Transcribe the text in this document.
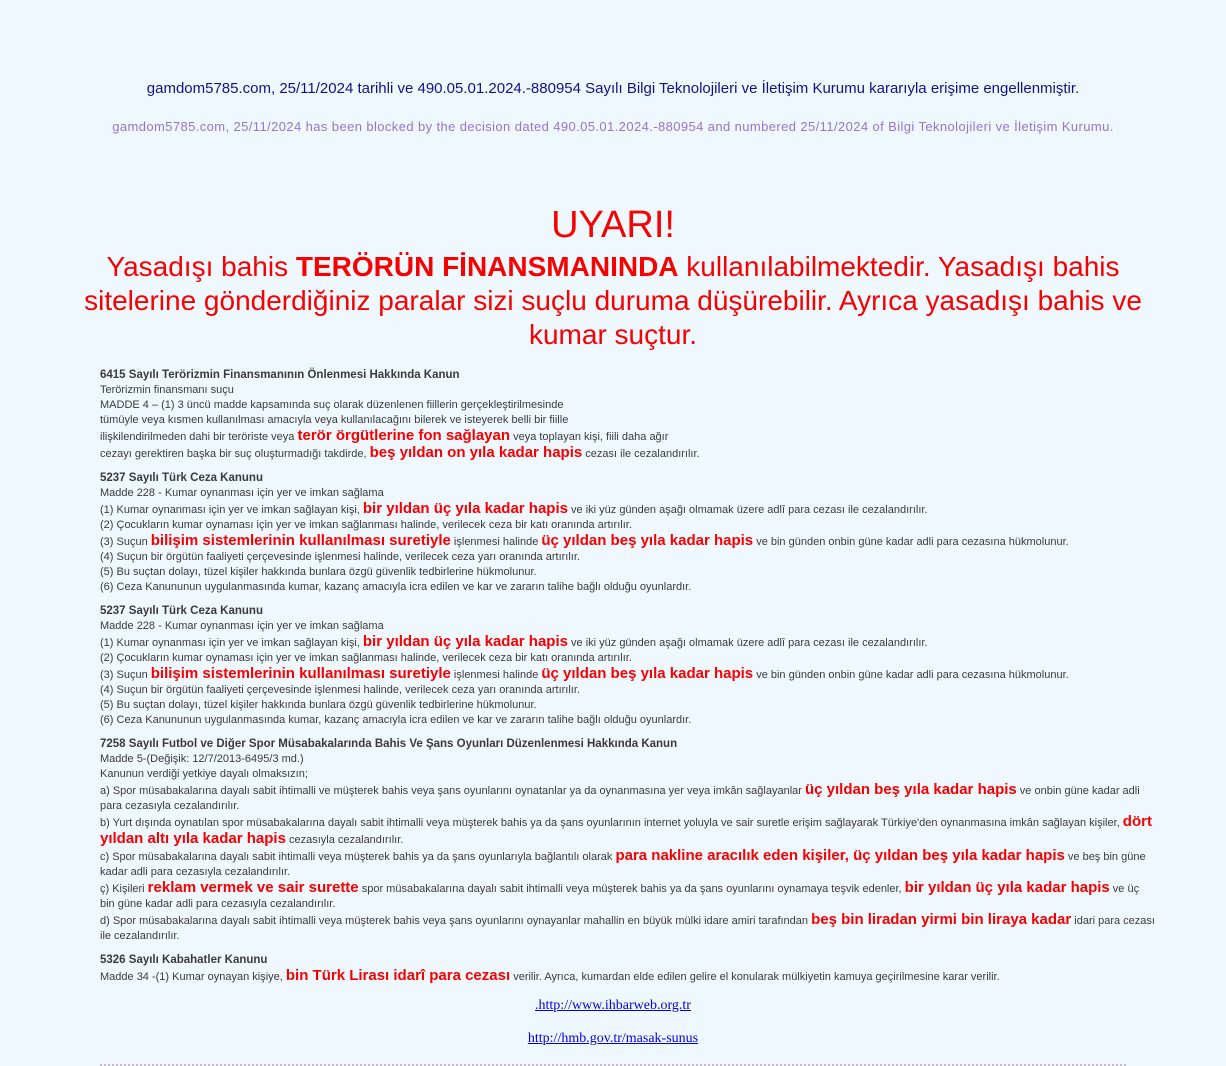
gamdom5785.com, 25/11/2024 tarihli ve 490.05.01.2024.-880954 Sayılı Bilgi Teknolojileri ve İletişim Kurumu kararıyla erişime engellenmiştir.

gamdom5785.com, 25/11/2024 has been blocked by the decision dated 490.05.01.2024.-880954 and numbered 25/11/2024 of Bilgi Teknolojileri ve İletişim Kurumu.

UYARI!
Yasadışı bahis TERÖRÜN FİNANSMANINDA kullanılabilmektedir. Yasadışı bahis sitelerine gönderdiğiniz paralar sizi suçlu duruma düşürebilir. Ayrıca yasadışı bahis ve kumar suçtur.
6415 Sayılı Terörizmin Finansmanının Önlenmesi Hakkında Kanun
Terörizmin finansmanı suçu
MADDE 4 – (1) 3 üncü madde kapsamında suç olarak düzenlenen fiillerin gerçekleştirilmesinde
tümüyle veya kısmen kullanılması amacıyla veya kullanılacağını bilerek ve isteyerek belli bir fiille
ilişkilendirilmeden dahi bir teröriste veya terör örgütlerine fon sağlayan veya toplayan kişi, fiili daha ağır
cezayı gerektiren başka bir suç oluşturmadığı takdirde, beş yıldan on yıla kadar hapis cezası ile cezalandırılır.
5237 Sayılı Türk Ceza Kanunu
Madde 228 - Kumar oynanması için yer ve imkan sağlama
(1) Kumar oynanması için yer ve imkan sağlayan kişi, bir yıldan üç yıla kadar hapis ve iki yüz günden aşağı olmamak üzere adlî para cezası ile cezalandırılır.
(2) Çocukların kumar oynaması için yer ve imkan sağlanması halinde, verilecek ceza bir katı oranında artırılır.
(3) Suçun bilişim sistemlerinin kullanılması suretiyle işlenmesi halinde üç yıldan beş yıla kadar hapis ve bin günden onbin güne kadar adli para cezasına hükmolunur.
(4) Suçun bir örgütün faaliyeti çerçevesinde işlenmesi halinde, verilecek ceza yarı oranında artırılır.
(5) Bu suçtan dolayı, tüzel kişiler hakkında bunlara özgü güvenlik tedbirlerine hükmolunur.
(6) Ceza Kanununun uygulanmasında kumar, kazanç amacıyla icra edilen ve kar ve zararın talihe bağlı olduğu oyunlardır.
5237 Sayılı Türk Ceza Kanunu
Madde 228 - Kumar oynanması için yer ve imkan sağlama
(1) Kumar oynanması için yer ve imkan sağlayan kişi, bir yıldan üç yıla kadar hapis ve iki yüz günden aşağı olmamak üzere adlî para cezası ile cezalandırılır.
(2) Çocukların kumar oynaması için yer ve imkan sağlanması halinde, verilecek ceza bir katı oranında artırılır.
(3) Suçun bilişim sistemlerinin kullanılması suretiyle işlenmesi halinde üç yıldan beş yıla kadar hapis ve bin günden onbin güne kadar adli para cezasına hükmolunur.
(4) Suçun bir örgütün faaliyeti çerçevesinde işlenmesi halinde, verilecek ceza yarı oranında artırılır.
(5) Bu suçtan dolayı, tüzel kişiler hakkında bunlara özgü güvenlik tedbirlerine hükmolunur.
(6) Ceza Kanununun uygulanmasında kumar, kazanç amacıyla icra edilen ve kar ve zararın talihe bağlı olduğu oyunlardır.
7258 Sayılı Futbol ve Diğer Spor Müsabakalarında Bahis Ve Şans Oyunları Düzenlenmesi Hakkında Kanun
Madde 5-(Değişik: 12/7/2013-6495/3 md.)
Kanunun verdiği yetkiye dayalı olmaksızın;
a) Spor müsabakalarına dayalı sabit ihtimalli ve müşterek bahis veya şans oyunlarını oynatanlar ya da oynanmasına yer veya imkân sağlayanlar üç yıldan beş yıla kadar hapis ve onbin güne kadar adli para cezasıyla cezalandırılır.
b) Yurt dışında oynatılan spor müsabakalarına dayalı sabit ihtimalli veya müşterek bahis ya da şans oyunlarının internet yoluyla ve sair suretle erişim sağlayarak Türkiye'den oynanmasına imkân sağlayan kişiler, dört yıldan altı yıla kadar hapis cezasıyla cezalandırılır.
c) Spor müsabakalarına dayalı sabit ihtimalli veya müşterek bahis ya da şans oyunlarıyla bağlantılı olarak para nakline aracılık eden kişiler, üç yıldan beş yıla kadar hapis ve beş bin güne kadar adli para cezasıyla cezalandırılır.
ç) Kişileri reklam vermek ve sair surette spor müsabakalarına dayalı sabit ihtimalli veya müşterek bahis ya da şans oyunlarını oynamaya teşvik edenler, bir yıldan üç yıla kadar hapis ve üç bin güne kadar adli para cezasıyla cezalandırılır.
d) Spor müsabakalarına dayalı sabit ihtimalli veya müşterek bahis veya şans oyunlarını oynayanlar mahallin en büyük mülki idare amiri tarafından beş bin liradan yirmi bin liraya kadar idari para cezası ile cezalandırılır.
5326 Sayılı Kabahatler Kanunu
Madde 34 -(1) Kumar oynayan kişiye, bin Türk Lirası idarî para cezası verilir. Ayrıca, kumardan elde edilen gelire el konularak mülkiyetin kamuya geçirilmesine karar verilir.

.http://www.ihbarweb.org.tr

http://hmb.gov.tr/masak-sunus
